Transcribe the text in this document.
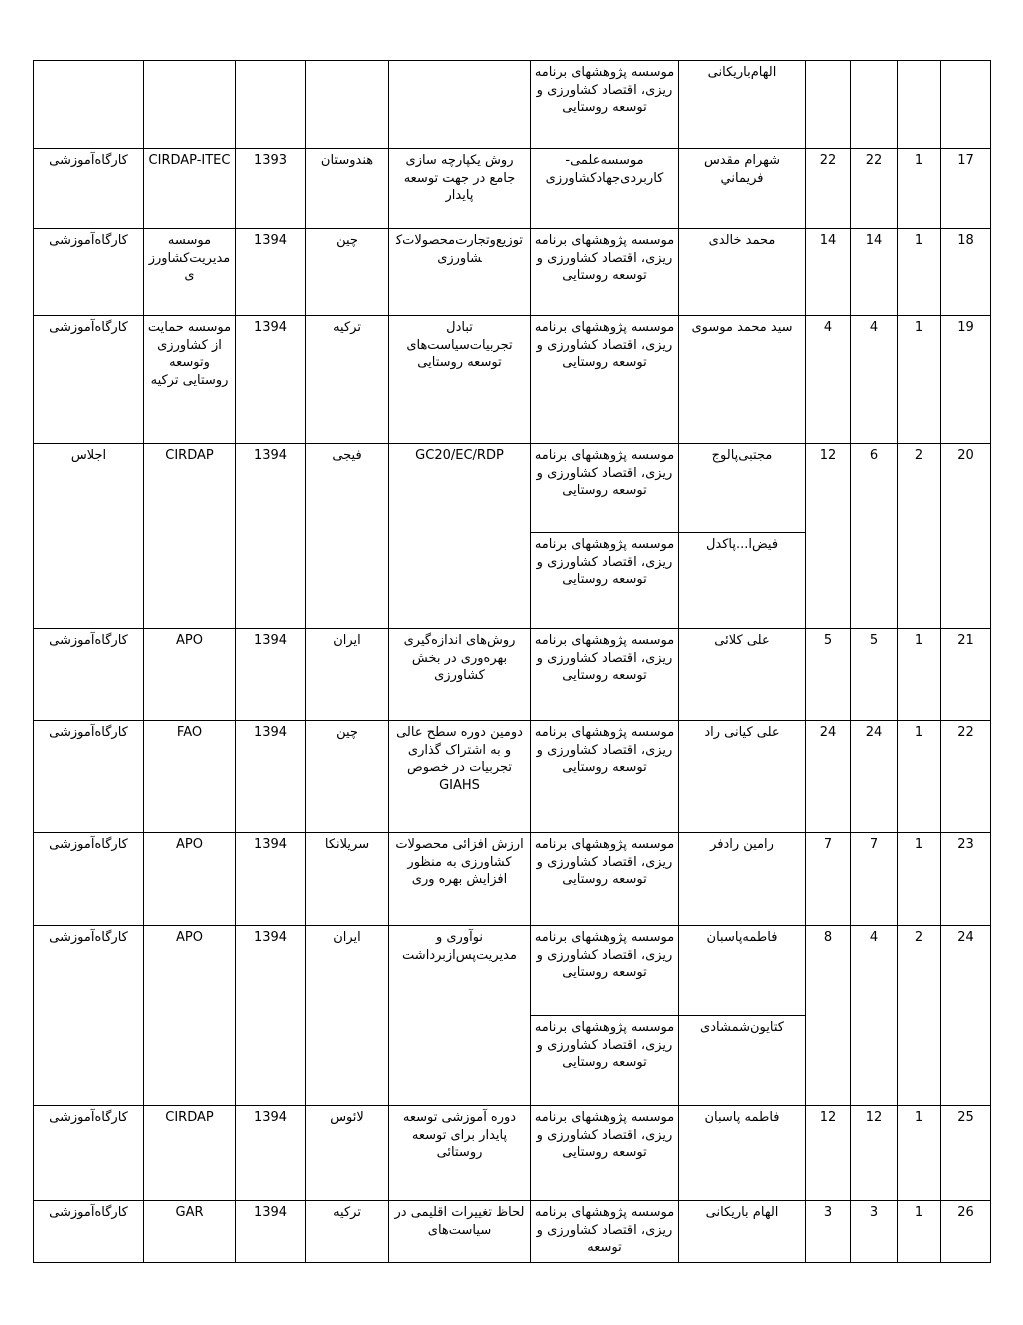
				الهام‌باریکانی	موسسه پژوهشهای برنامه ریزی، اقتصاد کشاورزی و توسعه روستایی					
17	1	22	22	شهرام مقدس فریماني	موسسه‌علمی-کاربردی‌جهادکشاورزی	روش یکپارچه سازی جامع در جهت توسعه پایدار	هندوستان	1393	CIRDAP-ITEC	کارگاه‌آموزشی
18	1	14	14	محمد خالدی	موسسه پژوهشهای برنامه ریزی، اقتصاد کشاورزی و توسعه روستایی	توزیع‌وتجارت‌محصولات‌کشاورزی	چین	1394	موسسه مدیریت‌کشاورزی	کارگاه‌آموزشی
19	1	4	4	سید محمد موسوی	موسسه پژوهشهای برنامه ریزی، اقتصاد کشاورزی و توسعه روستایی	تبادل تجربیات‌سیاست‌های توسعه روستایی	ترکیه	1394	موسسه حمایت از کشاورزی وتوسعه روستایی ترکیه	کارگاه‌آموزشی
20	2	6	12	مجتبی‌پالوج	موسسه پژوهشهای برنامه ریزی، اقتصاد کشاورزی و توسعه روستایی	GC20/EC/RDP	فیجی	1394	CIRDAP	اجلاس
				فیض‌ا...پاکدل	موسسه پژوهشهای برنامه ریزی، اقتصاد کشاورزی و توسعه روستایی					
21	1	5	5	علی کلائی	موسسه پژوهشهای برنامه ریزی، اقتصاد کشاورزی و توسعه روستایی	روش‌های اندازه‌گیری بهره‌وری در بخش کشاورزی	ایران	1394	APO	کارگاه‌آموزشی
22	1	24	24	علی کیانی راد	موسسه پژوهشهای برنامه ریزی، اقتصاد کشاورزی و توسعه روستایی	دومین دوره سطح عالی و به اشتراک گذاری تجربیات در خصوص GIAHS	چین	1394	FAO	کارگاه‌آموزشی
23	1	7	7	رامین رادفر	موسسه پژوهشهای برنامه ریزی، اقتصاد کشاورزی و توسعه روستایی	ارزش افزائی محصولات کشاورزی به منظور افزایش بهره وری	سریلانکا	1394	APO	کارگاه‌آموزشی
24	2	4	8	فاطمه‌پاسبان	موسسه پژوهشهای برنامه ریزی، اقتصاد کشاورزی و توسعه روستایی	نوآوری و مدیریت‌پس‌ازبرداشت	ایران	1394	APO	کارگاه‌آموزشی
				کتایون‌شمشادی	موسسه پژوهشهای برنامه ریزی، اقتصاد کشاورزی و توسعه روستایی					
25	1	12	12	فاطمه پاسبان	موسسه پژوهشهای برنامه ریزی، اقتصاد کشاورزی و توسعه روستایی	دوره آموزشی توسعه پایدار برای توسعه روستائی	لائوس	1394	CIRDAP	کارگاه‌آموزشی
26	1	3	3	الهام باریکانی	موسسه پژوهشهای برنامه ریزی، اقتصاد کشاورزی و توسعه	لحاظ تغییرات اقلیمی در سیاست‌های	ترکیه	1394	GAR	کارگاه‌آموزشی
